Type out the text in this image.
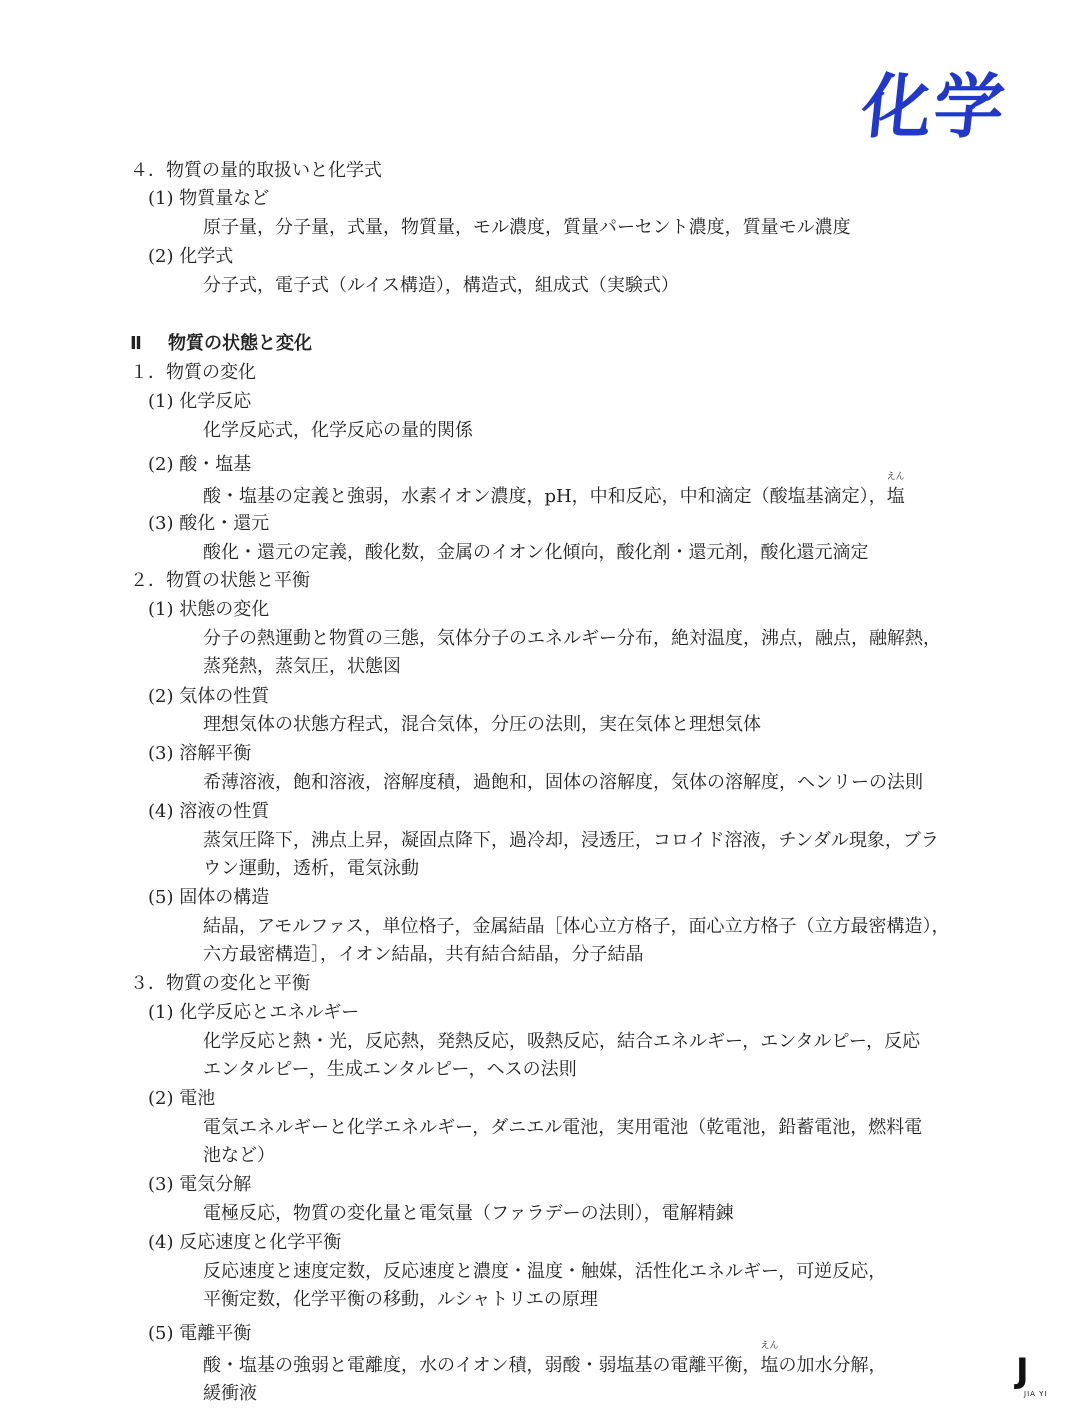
化学
４．物質の量的取扱いと化学式
(1) 物質量など
原子量，分子量，式量，物質量，モル濃度，質量パーセント濃度，質量モル濃度
(2) 化学式
分子式，電子式（ルイス構造），構造式，組成式（実験式）
Ⅱ 物質の状態と変化
１．物質の変化
(1) 化学反応
化学反応式，化学反応の量的関係
(2) 酸・塩基
酸・塩基の定義と強弱，水素イオン濃度，pH，中和反応，中和滴定（酸塩基滴定），
えん
塩
(3) 酸化・還元
酸化・還元の定義，酸化数，金属のイオン化傾向，酸化剤・還元剤，酸化還元滴定
２．物質の状態と平衡
(1) 状態の変化
分子の熱運動と物質の三態，気体分子のエネルギー分布，絶対温度，沸点，融点，融解熱，
蒸発熱，蒸気圧，状態図
(2) 気体の性質
理想気体の状態方程式，混合気体，分圧の法則，実在気体と理想気体
(3) 溶解平衡
希薄溶液，飽和溶液，溶解度積，過飽和，固体の溶解度，気体の溶解度，ヘンリーの法則
(4) 溶液の性質
蒸気圧降下，沸点上昇，凝固点降下，過冷却，浸透圧，コロイド溶液，チンダル現象，ブラ
ウン運動，透析，電気泳動
(5) 固体の構造
結晶，アモルファス，単位格子，金属結晶［体心立方格子，面心立方格子（立方最密構造），
六方最密構造］，イオン結晶，共有結合結晶，分子結晶
３．物質の変化と平衡
(1) 化学反応とエネルギー
化学反応と熱・光，反応熱，発熱反応，吸熱反応，結合エネルギー，エンタルピー，反応
エンタルピー，生成エンタルピー，ヘスの法則
(2) 電池
電気エネルギーと化学エネルギー，ダニエル電池，実用電池（乾電池，鉛蓄電池，燃料電
池など）
(3) 電気分解
電極反応，物質の変化量と電気量（ファラデーの法則），電解精錬
(4) 反応速度と化学平衡
反応速度と速度定数，反応速度と濃度・温度・触媒，活性化エネルギー，可逆反応，
平衡定数，化学平衡の移動，ルシャトリエの原理
(5) 電離平衡
酸・塩基の強弱と電離度，水のイオン積，弱酸・弱塩基の電離平衡，
えん
塩の加水分解，
緩衝液
J
JIA YI
